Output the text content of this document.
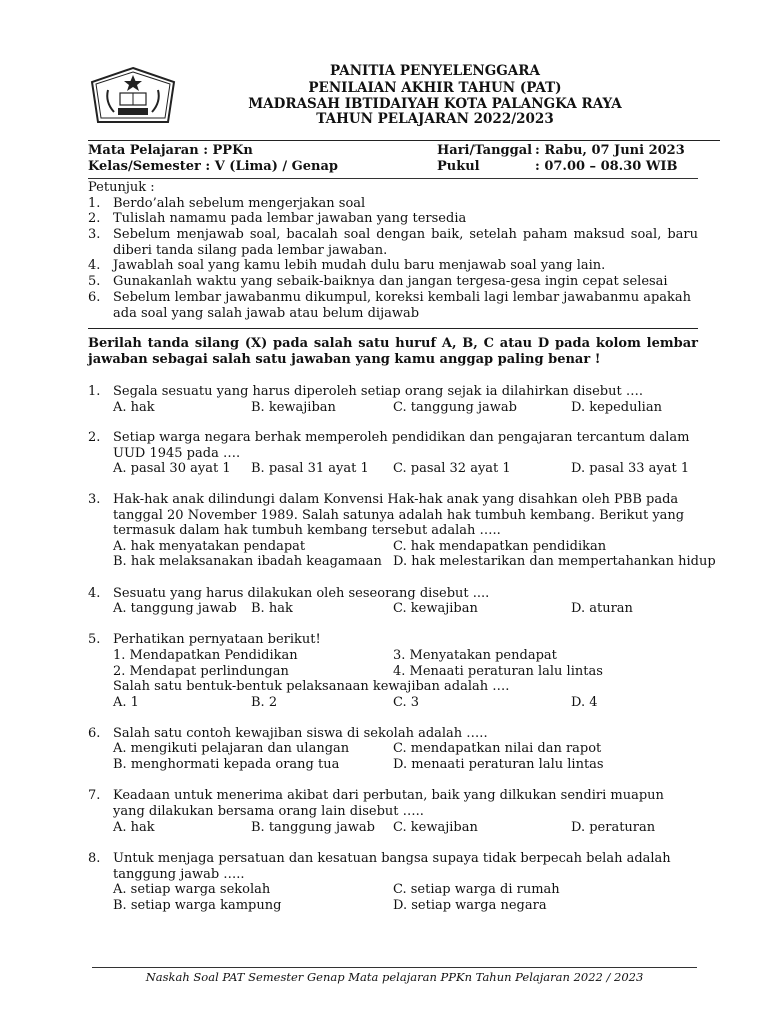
PANITIA PENYELENGGARA
PENILAIAN AKHIR TAHUN (PAT)
MADRASAH IBTIDAIYAH KOTA PALANGKA RAYA
TAHUN PELAJARAN 2022/2023
Mata Pelajaran : PPKn
Kelas/Semester : V (Lima) / Genap
Hari/Tanggal : Rabu, 07 Juni 2023
Pukul	: 07.00 – 08.30 WIB
Petunjuk :
1. Berdo’alah sebelum mengerjakan soal
2. Tulislah namamu pada lembar jawaban yang tersedia
3. Sebelum menjawab soal, bacalah soal dengan baik, setelah paham maksud soal, baru diberi tanda silang pada lembar jawaban.
4. Jawablah soal yang kamu lebih mudah dulu baru menjawab soal yang lain.
5. Gunakanlah waktu yang sebaik-baiknya dan jangan tergesa-gesa ingin cepat selesai
6. Sebelum lembar jawabanmu dikumpul, koreksi kembali lagi lembar jawabanmu apakah ada soal yang salah jawab atau belum dijawab
Berilah tanda silang (X) pada salah satu huruf A, B, C atau D pada kolom lembar jawaban sebagai salah satu jawaban yang kamu anggap paling benar !
1. Segala sesuatu yang harus diperoleh setiap orang sejak ia dilahirkan disebut ….
A. hak	B. kewajiban	C. tanggung jawab	D. kepedulian
2. Setiap warga negara berhak memperoleh pendidikan dan pengajaran tercantum dalam UUD 1945 pada ….
A. pasal 30 ayat 1 B. pasal 31 ayat 1 C. pasal 32 ayat 1	D. pasal 33 ayat 1
3. Hak-hak anak dilindungi dalam Konvensi Hak-hak anak yang disahkan oleh PBB pada tanggal 20 November 1989. Salah satunya adalah hak tumbuh kembang. Berikut yang termasuk dalam hak tumbuh kembang tersebut adalah …..
A. hak menyatakan pendapat
B. hak melaksanakan ibadah keagamaan
C. hak mendapatkan pendidikan
D. hak melestarikan dan mempertahankan hidup
4. Sesuatu yang harus dilakukan oleh seseorang disebut ....
A. tanggung jawab B. hak	C. kewajiban	D. aturan
5. Perhatikan pernyataan berikut!
1. Mendapatkan Pendidikan
2. Mendapat perlindungan
3. Menyatakan pendapat
4. Menaati peraturan lalu lintas
Salah satu bentuk-bentuk pelaksanaan kewajiban adalah ….
A. 1	B. 2	C. 3	D. 4
6. Salah satu contoh kewajiban siswa di sekolah adalah …..
A. mengikuti pelajaran dan ulangan
B. menghormati kepada orang tua
C. mendapatkan nilai dan rapot
D. menaati peraturan lalu lintas
7. Keadaan untuk menerima akibat dari perbutan, baik yang dilkukan sendiri muapun yang dilakukan bersama orang lain disebut …..
A. hak	B. tanggung jawab C. kewajiban	D. peraturan
8. Untuk menjaga persatuan dan kesatuan bangsa supaya tidak berpecah belah adalah tanggung jawab …..
A. setiap warga sekolah
B. setiap warga kampung
C. setiap warga di rumah
D. setiap warga negara
Naskah Soal PAT Semester Genap Mata pelajaran PPKn Tahun Pelajaran 2022 / 2023
